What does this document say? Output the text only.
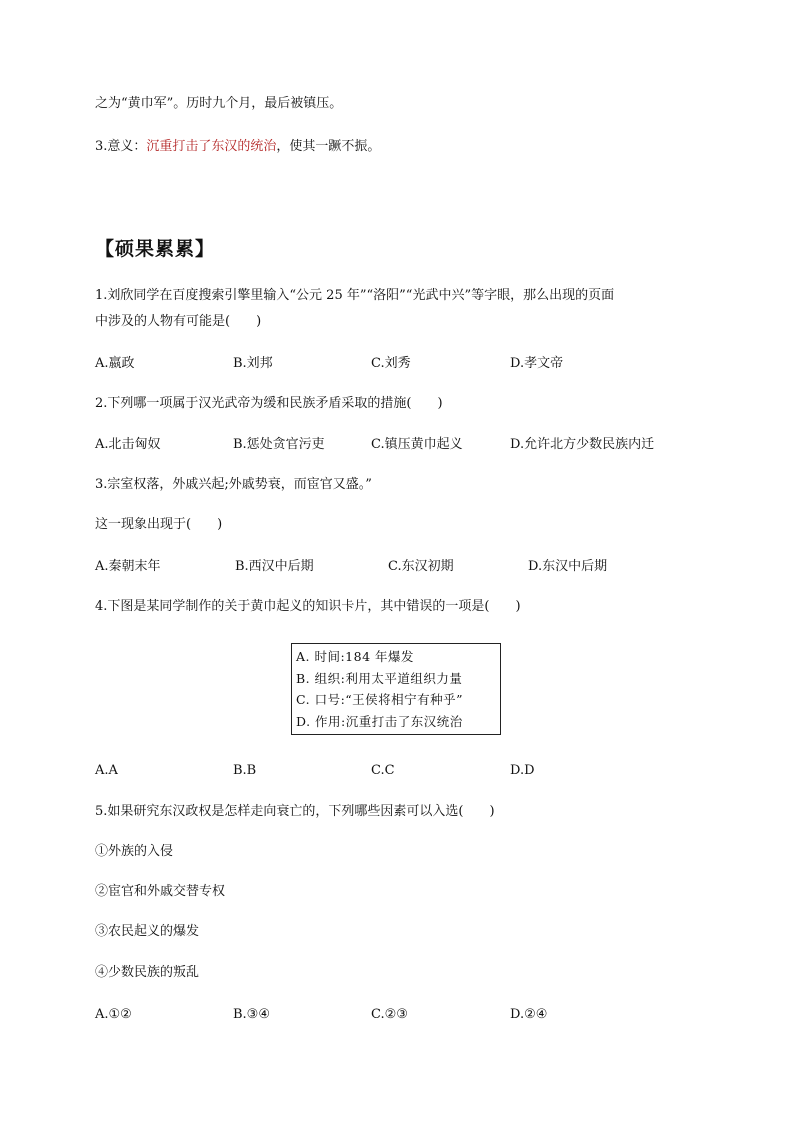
之为“黄巾军”。历时九个月，最后被镇压。
3.意义：沉重打击了东汉的统治，使其一蹶不振。
【硕果累累】
1.刘欣同学在百度搜索引擎里输入“公元 25 年”“洛阳”“光武中兴”等字眼，那么出现的页面
中涉及的人物有可能是(　　)
A.嬴政	B.刘邦	C.刘秀	D.孝文帝
2.下列哪一项属于汉光武帝为缓和民族矛盾采取的措施(　　)
A.北击匈奴	B.惩处贪官污吏	C.镇压黄巾起义	D.允许北方少数民族内迁
3.宗室权落，外戚兴起;外戚势衰，而宦官又盛。”
这一现象出现于(　　)
A.秦朝末年	B.西汉中后期	C.东汉初期	D.东汉中后期
4.下图是某同学制作的关于黄巾起义的知识卡片，其中错误的一项是(　　)
A. 时间:184 年爆发
B. 组织:利用太平道组织力量
C. 口号:“王侯将相宁有种乎”
D. 作用:沉重打击了东汉统治
A.A	B.B	C.C	D.D
5.如果研究东汉政权是怎样走向衰亡的，下列哪些因素可以入选(　　)
①外族的入侵
②宦官和外戚交替专权
③农民起义的爆发
④少数民族的叛乱
A.①②	B.③④	C.②③	D.②④
